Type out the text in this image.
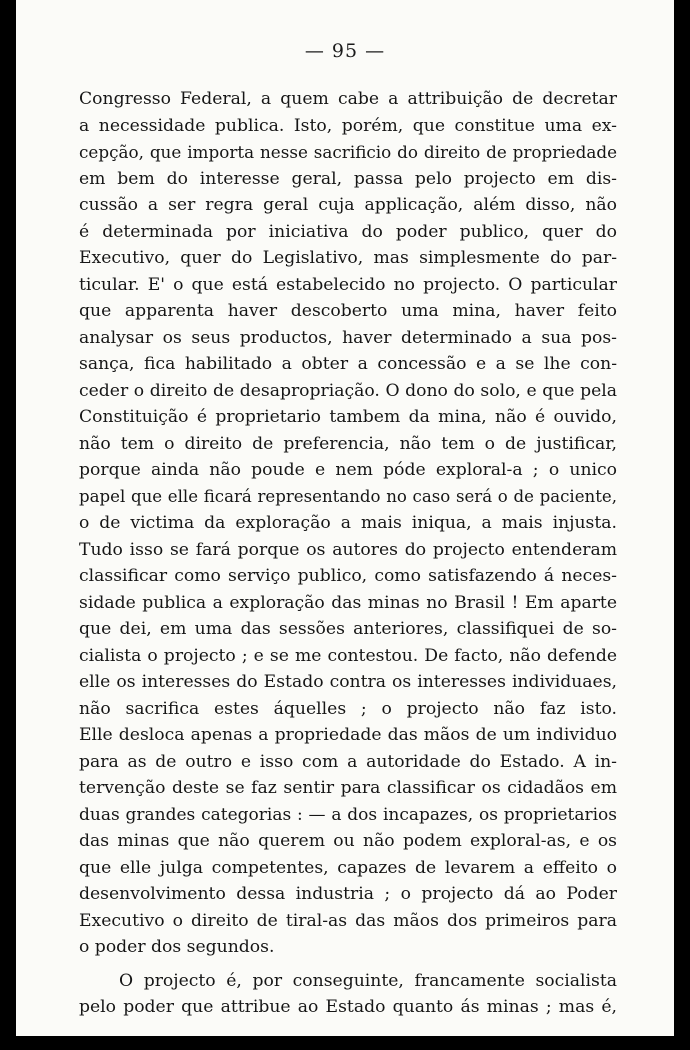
— 95 —
Congresso Federal, a quem cabe a attribuição de decretar
a necessidade publica. Isto, porém, que constitue uma ex-
cepção, que importa nesse sacrificio do direito de propriedade
em bem do interesse geral, passa pelo projecto em dis-
cussão a ser regra geral cuja applicação, além disso, não
é determinada por iniciativa do poder publico, quer do
Executivo, quer do Legislativo, mas simplesmente do par-
ticular. E' o que está estabelecido no projecto. O particular
que apparenta haver descoberto uma mina, haver feito
analysar os seus productos, haver determinado a sua pos-
sança, fica habilitado a obter a concessão e a se lhe con-
ceder o direito de desapropriação. O dono do solo, e que pela
Constituição é proprietario tambem da mina, não é ouvido,
não tem o direito de preferencia, não tem o de justificar,
porque ainda não poude e nem póde exploral-a ; o unico
papel que elle ficará representando no caso será o de paciente,
o de victima da exploração a mais iniqua, a mais injusta.
Tudo isso se fará porque os autores do projecto entenderam
classificar como serviço publico, como satisfazendo á neces-
sidade publica a exploração das minas no Brasil ! Em aparte
que dei, em uma das sessões anteriores, classifiquei de so-
cialista o projecto ; e se me contestou. De facto, não defende
elle os interesses do Estado contra os interesses individuaes,
não sacrifica estes áquelles ; o projecto não faz isto.
Elle desloca apenas a propriedade das mãos de um individuo
para as de outro e isso com a autoridade do Estado. A in-
tervenção deste se faz sentir para classificar os cidadãos em
duas grandes categorias : — a dos incapazes, os proprietarios
das minas que não querem ou não podem exploral-as, e os
que elle julga competentes, capazes de levarem a effeito o
desenvolvimento dessa industria ; o projecto dá ao Poder
Executivo o direito de tiral-as das mãos dos primeiros para
o poder dos segundos.
O projecto é, por conseguinte, francamente socialista
pelo poder que attribue ao Estado quanto ás minas ; mas é,
